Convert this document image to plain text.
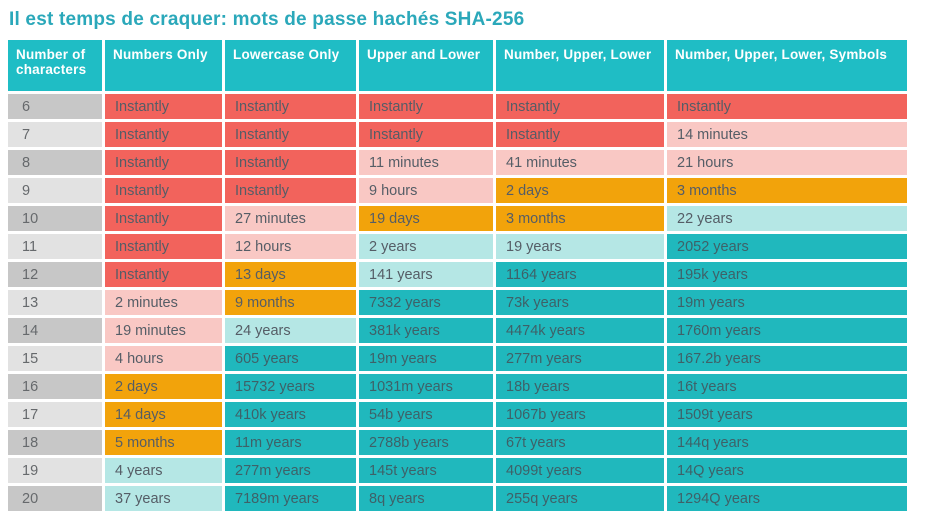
Il est temps de craquer: mots de passe hachés SHA-256
Number of characters	Numbers Only	Lowercase Only	Upper and Lower	Number, Upper, Lower	Number, Upper, Lower, Symbols
6	Instantly	Instantly	Instantly	Instantly	Instantly
7	Instantly	Instantly	Instantly	Instantly	14 minutes
8	Instantly	Instantly	11 minutes	41 minutes	21 hours
9	Instantly	Instantly	9 hours	2 days	3 months
10	Instantly	27 minutes	19 days	3 months	22 years
11	Instantly	12 hours	2 years	19 years	2052 years
12	Instantly	13 days	141 years	1164 years	195k years
13	2 minutes	9 months	7332 years	73k years	19m years
14	19 minutes	24 years	381k years	4474k years	1760m years
15	4 hours	605 years	19m years	277m years	167.2b years
16	2 days	15732 years	1031m years	18b years	16t years
17	14 days	410k years	54b years	1067b years	1509t years
18	5 months	11m years	2788b years	67t years	144q years
19	4 years	277m years	145t years	4099t years	14Q years
20	37 years	7189m years	8q years	255q years	1294Q years
